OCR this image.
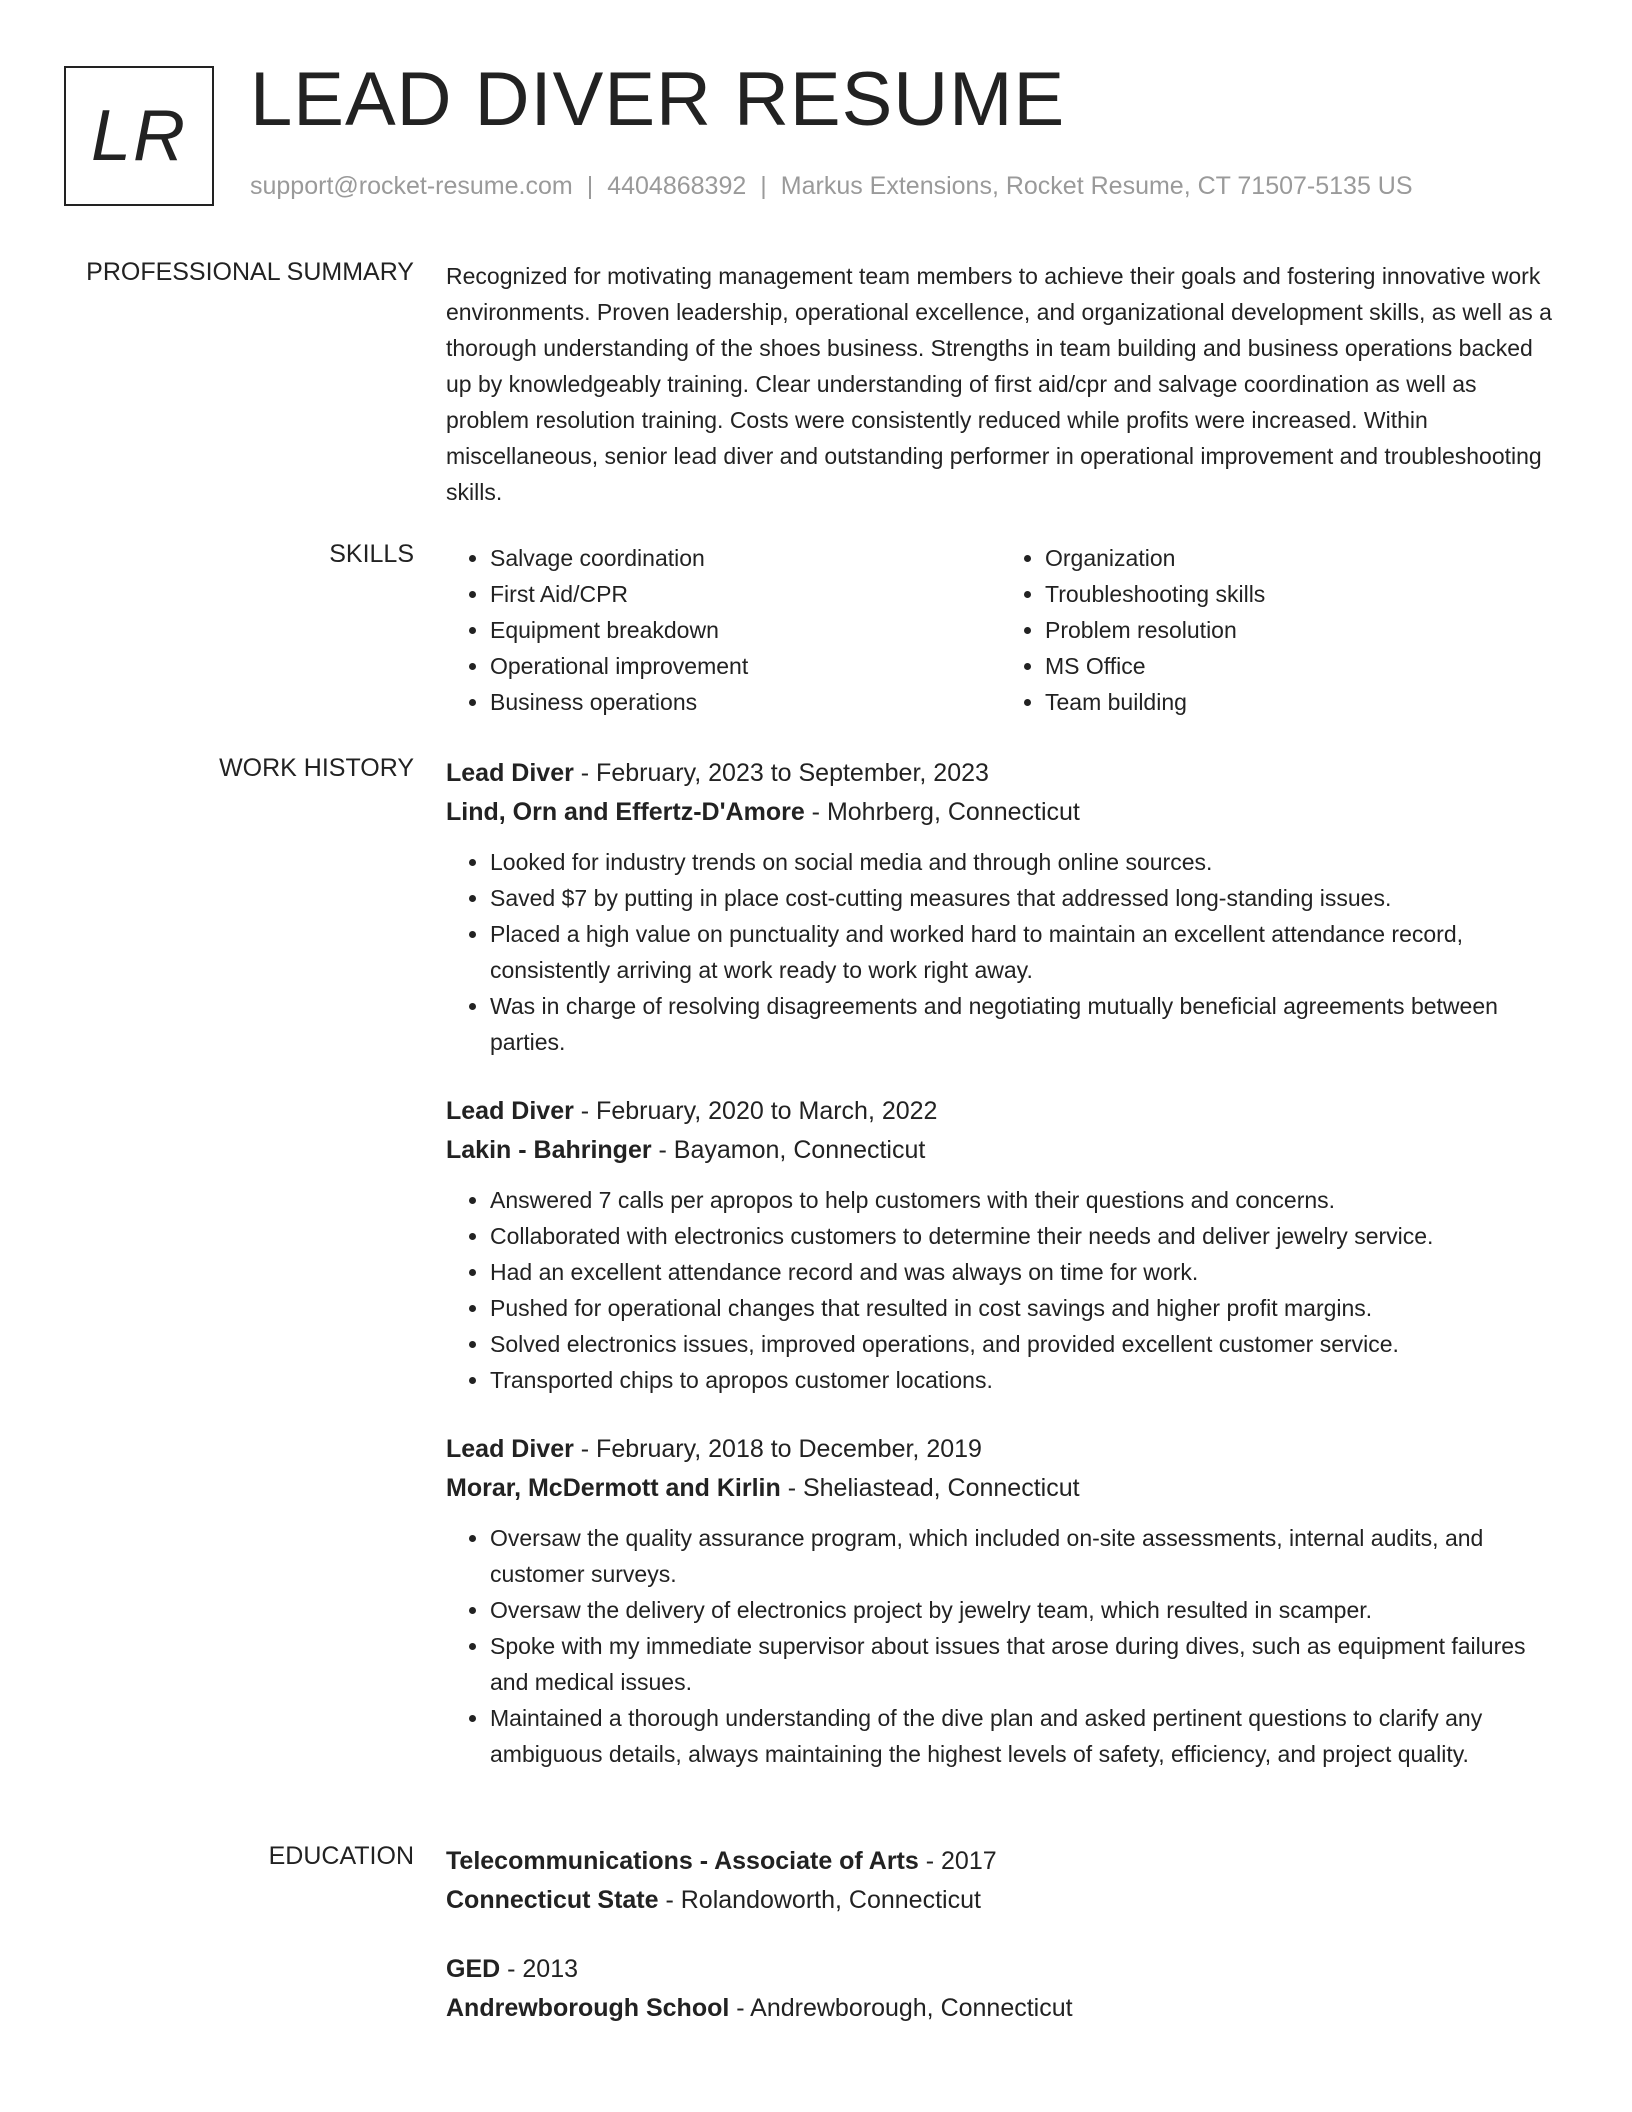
LR LEAD DIVER RESUME
support@rocket-resume.com | 4404868392 | Markus Extensions, Rocket Resume, CT 71507-5135 US
PROFESSIONAL SUMMARY Recognized for motivating management team members to achieve their goals and fostering innovative work environments. Proven leadership, operational excellence, and organizational development skills, as well as a thorough understanding of the shoes business. Strengths in team building and business operations backed up by knowledgeably training. Clear understanding of first aid/cpr and salvage coordination as well as problem resolution training. Costs were consistently reduced while profits were increased. Within miscellaneous, senior lead diver and outstanding performer in operational improvement and troubleshooting skills.

SKILLS
•	Salvage coordination
• First Aid/CPR
• Equipment breakdown
• Operational improvement
• Business operations
• Organization
• Troubleshooting skills
• Problem resolution
• MS Office
• Team building
WORK HISTORY Lead Diver - February, 2023 to September, 2023
Lind, Orn and Effertz-D'Amore - Mohrberg, Connecticut
• Looked for industry trends on social media and through online sources.
• Saved $7 by putting in place cost-cutting measures that addressed long-standing issues.
• Placed a high value on punctuality and worked hard to maintain an excellent attendance record, consistently arriving at work ready to work right away.
• Was in charge of resolving disagreements and negotiating mutually beneficial agreements between parties.
Lead Diver - February, 2020 to March, 2022
Lakin - Bahringer - Bayamon, Connecticut
• Answered 7 calls per apropos to help customers with their questions and concerns.
• Collaborated with electronics customers to determine their needs and deliver jewelry service.
• Had an excellent attendance record and was always on time for work.
• Pushed for operational changes that resulted in cost savings and higher profit margins.
• Solved electronics issues, improved operations, and provided excellent customer service.
• Transported chips to apropos customer locations.
Lead Diver - February, 2018 to December, 2019
Morar, McDermott and Kirlin - Sheliastead, Connecticut
• Oversaw the quality assurance program, which included on-site assessments, internal audits, and customer surveys.
• Oversaw the delivery of electronics project by jewelry team, which resulted in scamper.
• Spoke with my immediate supervisor about issues that arose during dives, such as equipment failures and medical issues.
• Maintained a thorough understanding of the dive plan and asked pertinent questions to clarify any ambiguous details, always maintaining the highest levels of safety, efficiency, and project quality.
EDUCATION Telecommunications - Associate of Arts - 2017
Connecticut State - Rolandoworth, Connecticut
GED - 2013
Andrewborough School - Andrewborough, Connecticut
